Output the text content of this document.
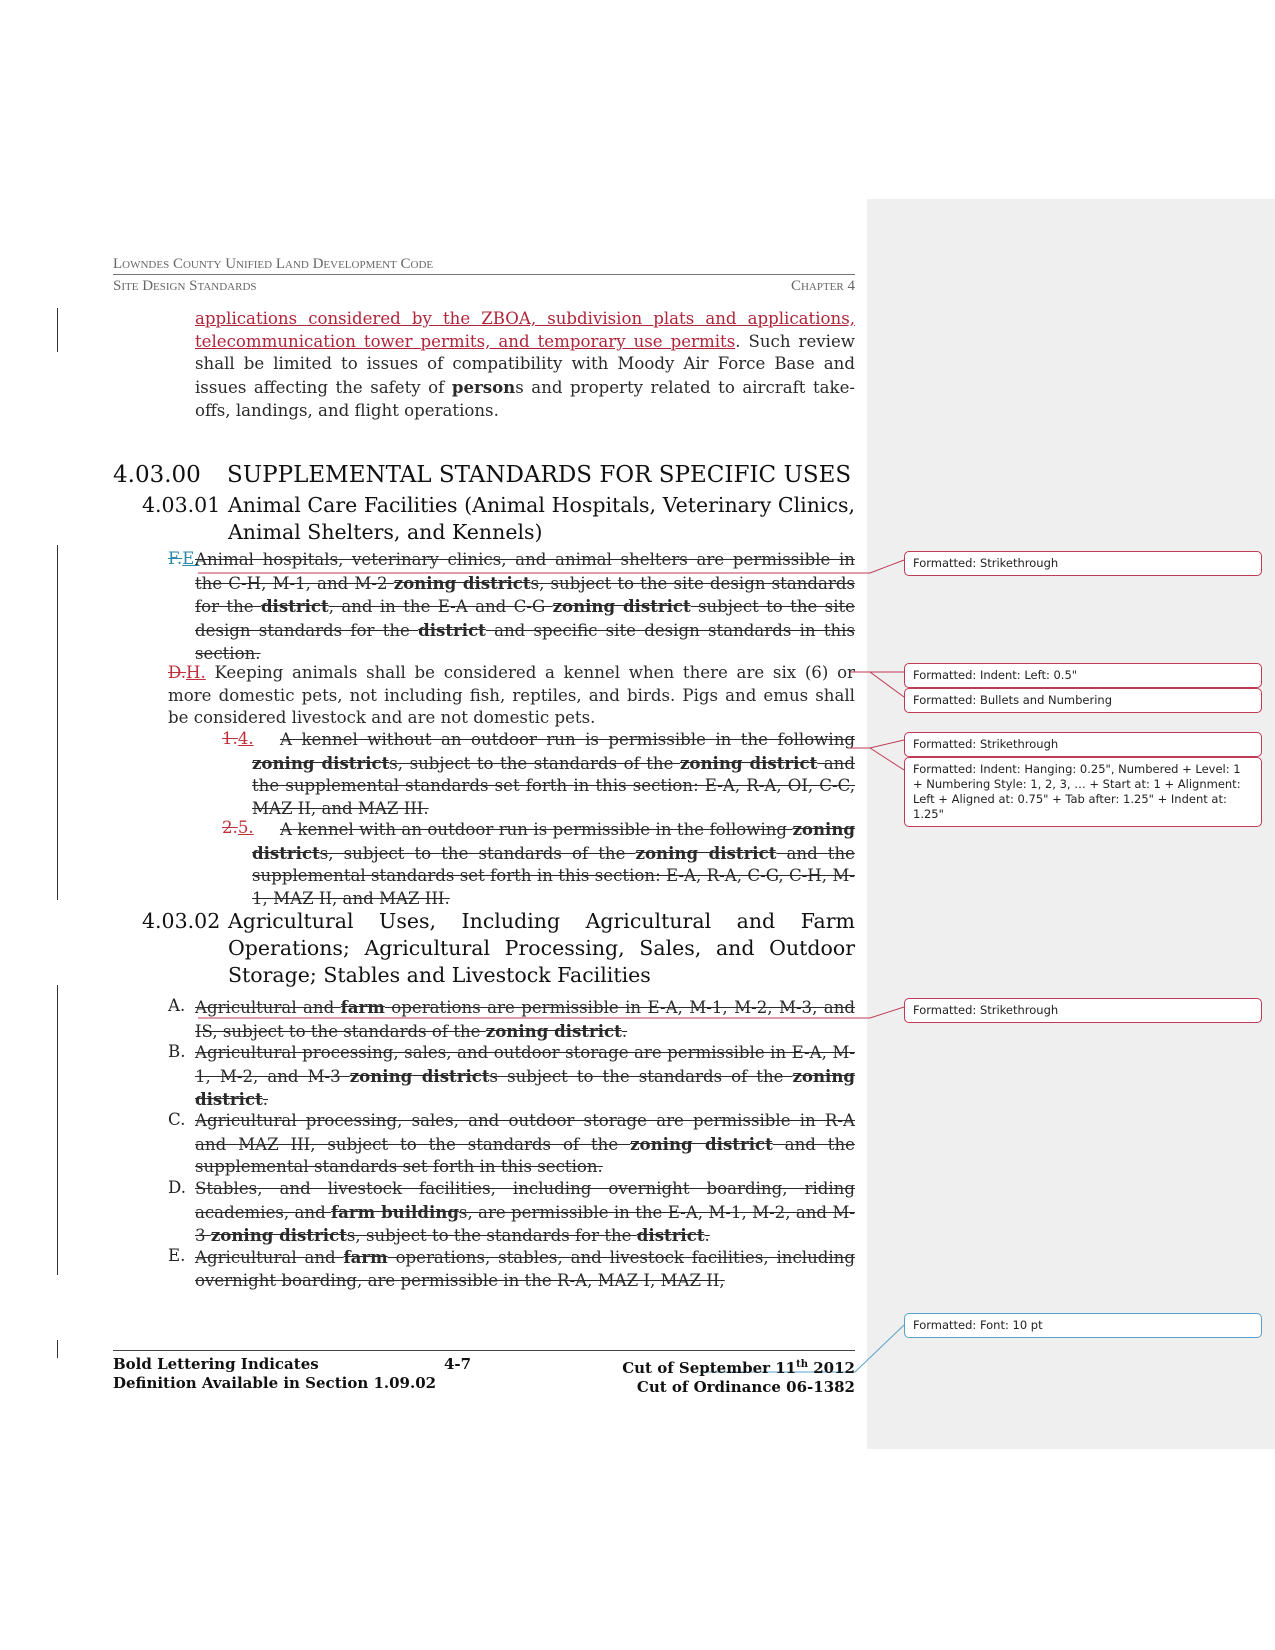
Lowndes County Unified Land Development Code
Site Design Standards	Chapter 4
applications considered by the ZBOA, subdivision plats and applications, telecommunication tower permits, and temporary use permits. Such review shall be limited to issues of compatibility with Moody Air Force Base and issues affecting the safety of persons and property related to aircraft take-offs, landings, and flight operations.
4.03.00 SUPPLEMENTAL STANDARDS FOR SPECIFIC USES
4.03.01 Animal Care Facilities (Animal Hospitals, Veterinary Clinics, Animal Shelters, and Kennels)
F.E.
Animal hospitals, veterinary clinics, and animal shelters are permissible in the C-H, M-1, and M-2 zoning districts, subject to the site design standards for the district, and in the E-A and C-G zoning district subject to the site design standards for the district and specific site design standards in this section.
D.H. Keeping animals shall be considered a kennel when there are six (6) or more domestic pets, not including fish, reptiles, and birds. Pigs and emus shall be considered livestock and are not domestic pets.
1.4.	A kennel without an outdoor run is permissible in the following zoning districts, subject to the standards of the zoning district and the supplemental standards set forth in this section: E-A, R-A, OI, C-C, MAZ II, and MAZ III.
2.5.	A kennel with an outdoor run is permissible in the following zoning districts, subject to the standards of the zoning district and the supplemental standards set forth in this section: E-A, R-A, C-G, C-H, M-1, MAZ II, and MAZ III.
4.03.02 Agricultural Uses, Including Agricultural and Farm Operations; Agricultural Processing, Sales, and Outdoor Storage; Stables and Livestock Facilities
A. Agricultural and farm operations are permissible in E-A, M-1, M-2, M-3, and IS, subject to the standards of the zoning district.
B. Agricultural processing, sales, and outdoor storage are permissible in E-A, M-1, M-2, and M-3 zoning districts subject to the standards of the zoning district.
C. Agricultural processing, sales, and outdoor storage are permissible in R-A and MAZ III, subject to the standards of the zoning district and the supplemental standards set forth in this section.
D. Stables, and livestock facilities, including overnight boarding, riding academies, and farm buildings, are permissible in the E-A, M-1, M-2, and M-3 zoning districts, subject to the standards for the district.
E. Agricultural and farm operations, stables, and livestock facilities, including overnight boarding, are permissible in the R-A, MAZ I, MAZ II,
Formatted: Strikethrough
Formatted: Indent: Left: 0.5"
Formatted: Bullets and Numbering
Formatted: Strikethrough
Formatted: Indent: Hanging: 0.25", Numbered + Level: 1 + Numbering Style: 1, 2, 3, … + Start at: 1 + Alignment: Left + Aligned at: 0.75" + Tab after: 1.25" + Indent at: 1.25"
Formatted: Strikethrough
Formatted: Font: 10 pt
Bold Lettering Indicates
Definition Available in Section 1.09.02
4-7	Cut of September 11th 2012
Cut of Ordinance 06-1382
